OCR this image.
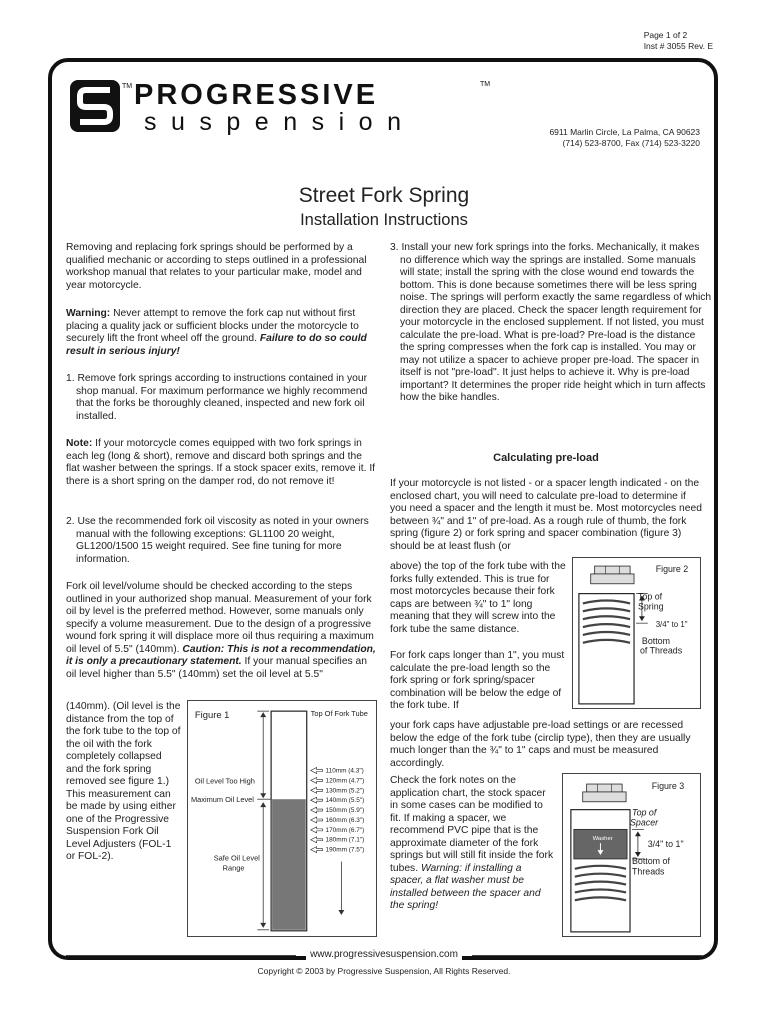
Page 1 of 2
Inst # 3055 Rev. E
TM PROGRESSIVE
suspension
TM
6911 Marlin Circle, La Palma, CA 90623
(714) 523-8700, Fax (714) 523-3220
Street Fork Spring
Installation Instructions

Removing and replacing fork springs should be performed by a qualified mechanic or according to steps outlined in a professional workshop manual that relates to your particular make, model and year motorcycle.

Warning: Never attempt to remove the fork cap nut without first placing a quality jack or sufficient blocks under the motorcycle to securely lift the front wheel off the ground. Failure to do so could result in serious injury!

1. Remove fork springs according to instructions contained in your shop manual. For maximum performance we highly recommend that the forks be thoroughly cleaned, inspected and new fork oil installed.

Note: If your motorcycle comes equipped with two fork springs in each leg (long & short), remove and discard both springs and the flat washer between the springs. If a stock spacer exits, remove it. If there is a short spring on the damper rod, do not remove it!

2. Use the recommended fork oil viscosity as noted in your owners manual with the following exceptions: GL1100 20 weight, GL1200/1500 15 weight required. See fine tuning for more information.

Fork oil level/volume should be checked according to the steps outlined in your authorized shop manual. Measurement of your fork oil by level is the preferred method. However, some manuals only specify a volume measurement. Due to the design of a progressive wound fork spring it will displace more oil thus requiring a maximum oil level of 5.5" (140mm). Caution: This is not a recommendation, it is only a precautionary statement. If your manual specifies an oil level higher than 5.5" (140mm) set the oil level at 5.5"

(140mm). (Oil level is the distance from the top of the fork tube to the top of the oil with the fork completely collapsed and the fork spring removed see figure 1.) This measurement can be made by using either one of the Progressive Suspension Fork Oil Level Adjusters (FOL-1 or FOL-2).

Figure 1	Top Of Fork Tube
Oil Level Too High
Maximum Oil Level
Safe Oil Level
Range
110mm (4.3")
120mm (4.7")
130mm (5.2")
140mm (5.5")
150mm (5.9")
160mm (6.3")
170mm (6.7")
180mm (7.1")
190mm (7.5")

3. Install your new fork springs into the forks. Mechanically, it makes no difference which way the springs are installed. Some manuals will state; install the spring with the close wound end towards the bottom. This is done because sometimes there will be less spring noise. The springs will perform exactly the same regardless of which direction they are placed. Check the spacer length requirement for your motorcycle in the enclosed supplement. If not listed, you must calculate the pre-load. What is pre-load? Pre-load is the distance the spring compresses when the fork cap is installed. You may or may not utilize a spacer to achieve proper pre-load. The spacer in itself is not "pre-load". It just helps to achieve it. Why is pre-load important? It determines the proper ride height which in turn affects how the bike handles.

Calculating pre-load

If your motorcycle is not listed - or a spacer length indicated - on the enclosed chart, you will need to calculate pre-load to determine if you need a spacer and the length it must be. Most motorcycles need between ¾" and 1" of pre-load. As a rough rule of thumb, the fork spring (figure 2) or fork spring and spacer combination (figure 3) should be at least flush (or

above) the top of the fork tube with the forks fully extended. This is true for most motorcycles because their fork caps are between ¾" to 1" long meaning that they will screw into the fork tube the same distance.

For fork caps longer than 1", you must calculate the pre-load length so the fork spring or fork spring/spacer combination will be below the edge of the fork tube. If

your fork caps have adjustable pre-load settings or are recessed below the edge of the fork tube (circlip type), then they are usually much longer than the ¾" to 1" caps and must be measured accordingly.

Check the fork notes on the application chart, the stock spacer in some cases can be modified to fit. If making a spacer, we recommend PVC pipe that is the approximate diameter of the fork springs but will still fit inside the fork tubes. Warning: if installing a spacer, a flat washer must be installed between the spacer and the spring!

Figure 2
Top of
Spring
3/4" to 1"
Bottom
of Threads
Figure 3
Washer
Top of
Spacer
3/4" to 1"
Bottom of
Threads
www.progressivesuspension.com
Copyright © 2003 by Progressive Suspension, All Rights Reserved.
